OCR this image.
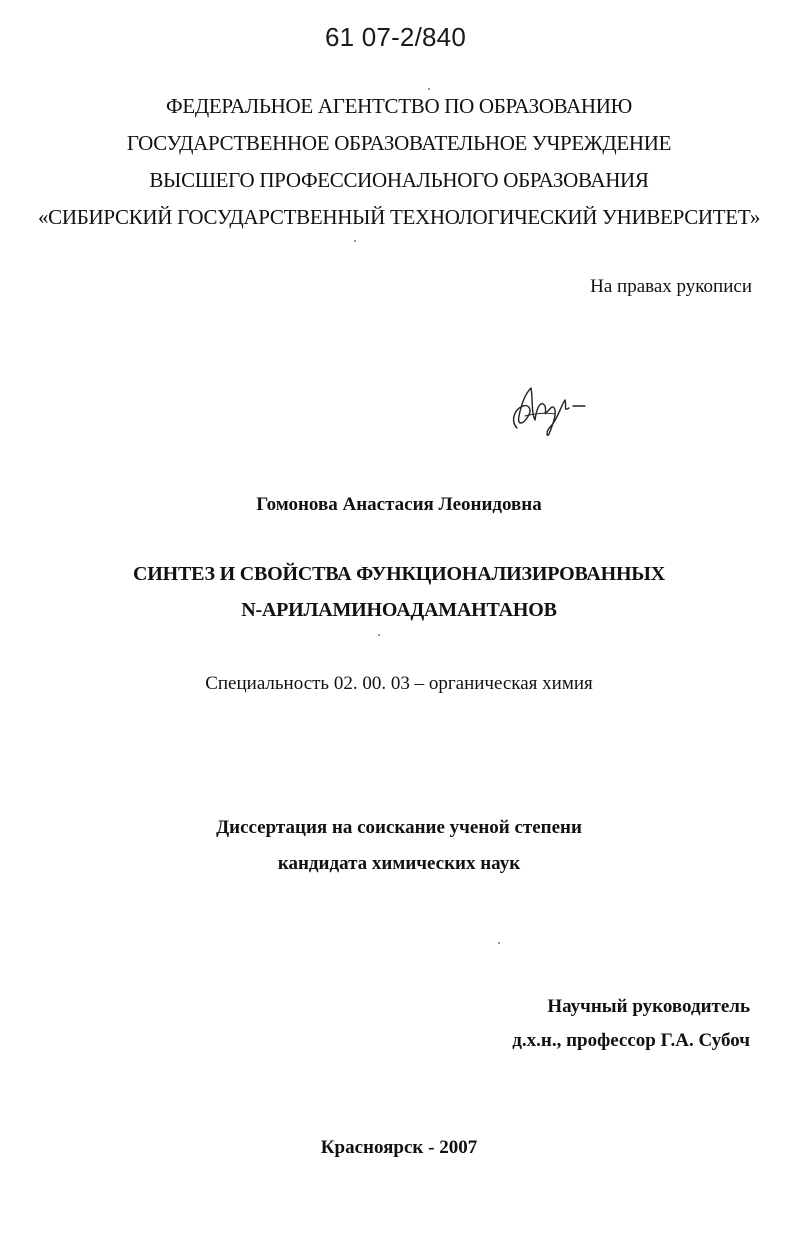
61 07-2/840
ФЕДЕРАЛЬНОЕ АГЕНТСТВО ПО ОБРАЗОВАНИЮ
ГОСУДАРСТВЕННОЕ ОБРАЗОВАТЕЛЬНОЕ УЧРЕЖДЕНИЕ
ВЫСШЕГО ПРОФЕССИОНАЛЬНОГО ОБРАЗОВАНИЯ
«СИБИРСКИЙ ГОСУДАРСТВЕННЫЙ ТЕХНОЛОГИЧЕСКИЙ УНИВЕРСИТЕТ»
На правах рукописи
Гомонова Анастасия Леонидовна
СИНТЕЗ И СВОЙСТВА ФУНКЦИОНАЛИЗИРОВАННЫХ
N-АРИЛАМИНОАДАМАНТАНОВ
Специальность 02. 00. 03 – органическая химия
Диссертация на соискание ученой степени
кандидата химических наук
Научный руководитель
д.х.н., профессор Г.А. Субоч
Красноярск - 2007
